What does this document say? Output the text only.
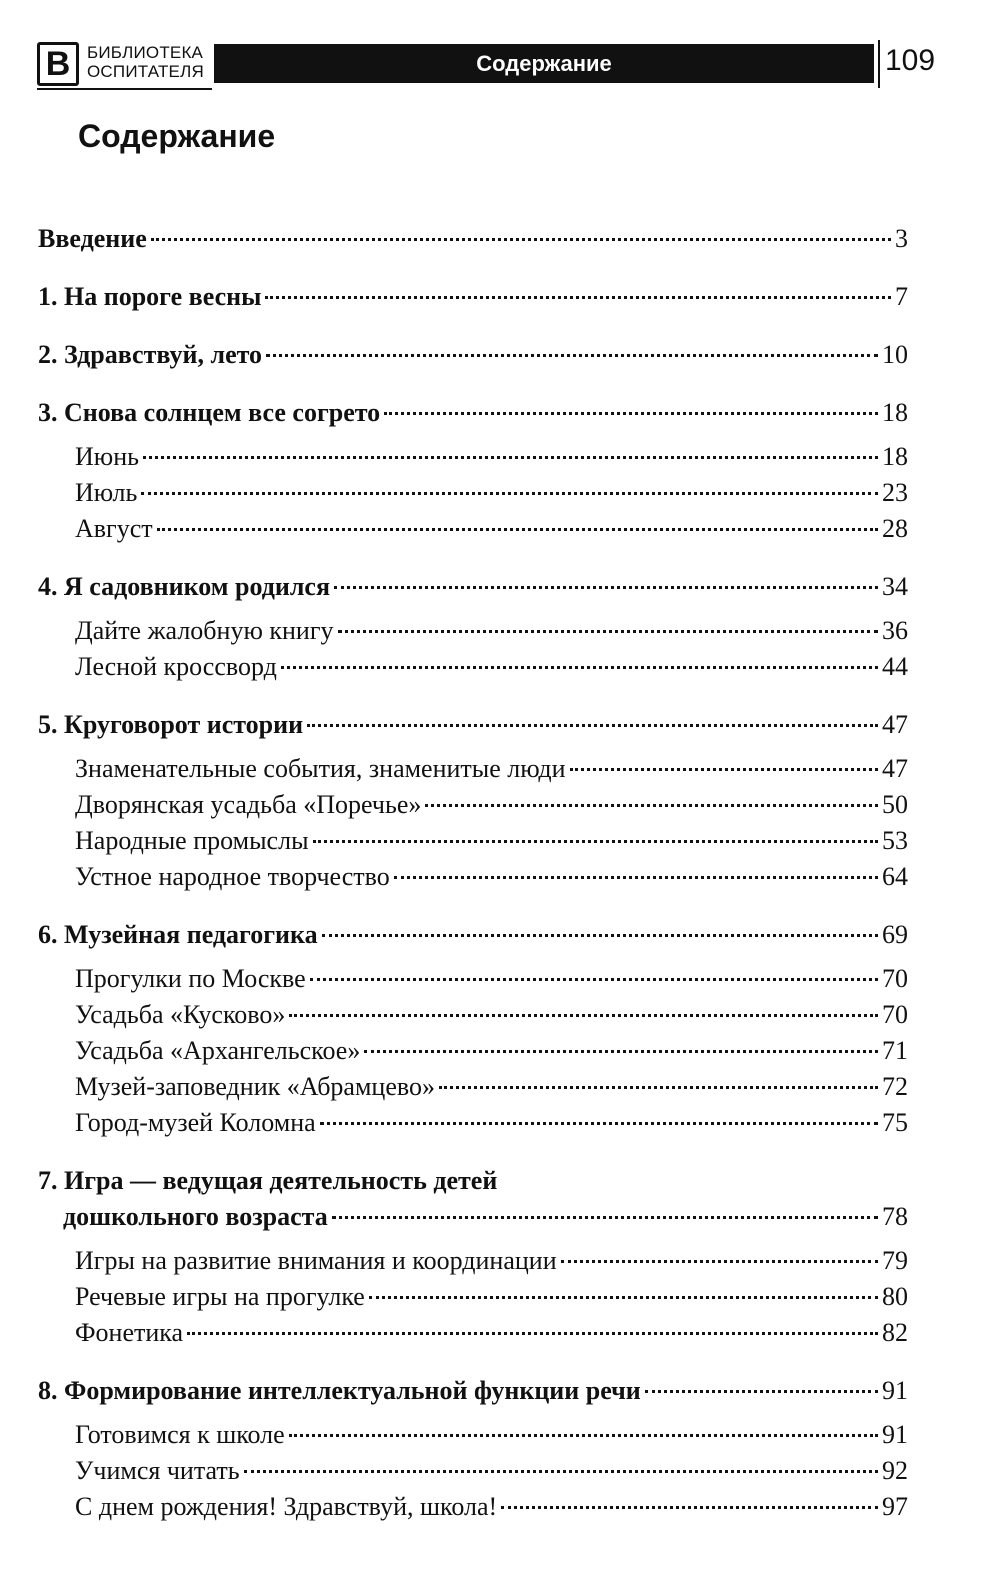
В БИБЛИОТЕКА
ОСПИТАТЕЛЯ	Содержание	109
Содержание
Введение	3
1. На пороге весны	7
2. Здравствуй, лето	10
3. Снова солнцем все согрето	18
Июнь	18
Июль	23
Август	28
4. Я садовником родился	34
Дайте жалобную книгу	36
Лесной кроссворд	44
5. Круговорот истории	47
Знаменательные события, знаменитые люди	47
Дворянская усадьба «Поречье»	50
Народные промыслы	53
Устное народное творчество	64
6. Музейная педагогика	69
Прогулки по Москве	70
Усадьба «Кусково»	70
Усадьба «Архангельское»	71
Музей-заповедник «Абрамцево»	72
Город-музей Коломна	75
7. Игра — ведущая деятельность детей
дошкольного возраста	78
Игры на развитие внимания и координации	79
Речевые игры на прогулке	80
Фонетика	82
8. Формирование интеллектуальной функции речи	91
Готовимся к школе	91
Учимся читать	92
С днем рождения! Здравствуй, школа!	97
